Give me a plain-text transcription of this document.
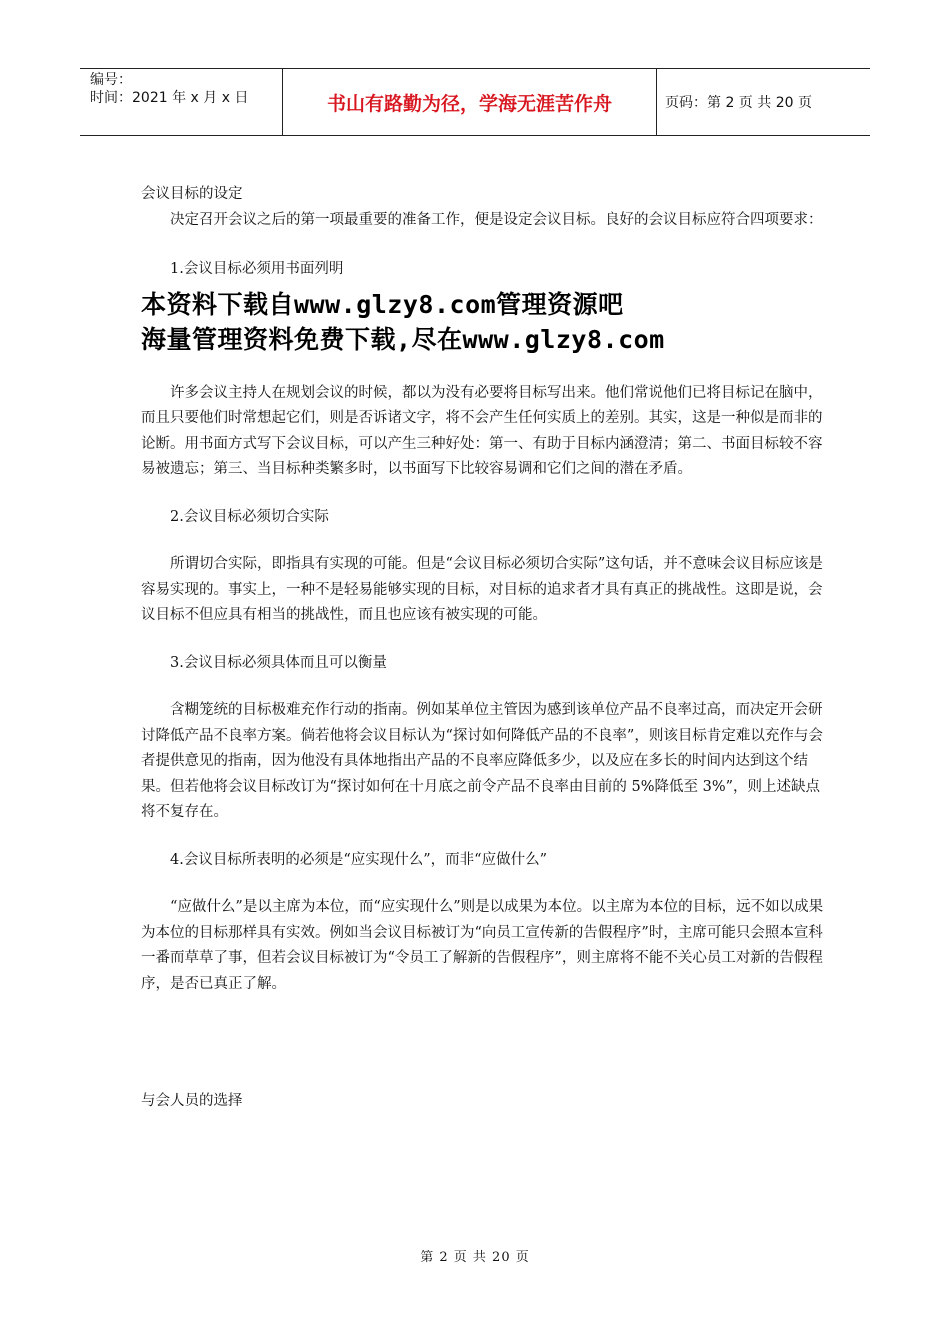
编号：
时间：2021 年 x 月 x 日	书山有路勤为径，学海无涯苦作舟	页码：第 2 页 共 20 页

会议目标的设定

决定召开会议之后的第一项最重要的准备工作，便是设定会议目标。良好的会议目标应符合四项要求：

1.会议目标必须用书面列明

本资料下载自www.glzy8.com管理资源吧

海量管理资料免费下载,尽在www.glzy8.com

许多会议主持人在规划会议的时候，都以为没有必要将目标写出来。他们常说他们已将目标记在脑中，而且只要他们时常想起它们，则是否诉诸文字，将不会产生任何实质上的差别。其实，这是一种似是而非的论断。用书面方式写下会议目标，可以产生三种好处：第一、有助于目标内涵澄清；第二、书面目标较不容易被遗忘；第三、当目标种类繁多时，以书面写下比较容易调和它们之间的潜在矛盾。

2.会议目标必须切合实际

所谓切合实际，即指具有实现的可能。但是“会议目标必须切合实际”这句话，并不意味会议目标应该是容易实现的。事实上，一种不是轻易能够实现的目标，对目标的追求者才具有真正的挑战性。这即是说，会议目标不但应具有相当的挑战性，而且也应该有被实现的可能。

3.会议目标必须具体而且可以衡量

含糊笼统的目标极难充作行动的指南。例如某单位主管因为感到该单位产品不良率过高，而决定开会研讨降低产品不良率方案。倘若他将会议目标认为“探讨如何降低产品的不良率”，则该目标肯定难以充作与会者提供意见的指南，因为他没有具体地指出产品的不良率应降低多少，以及应在多长的时间内达到这个结果。但若他将会议目标改订为“探讨如何在十月底之前令产品不良率由目前的 5%降低至 3%”，则上述缺点将不复存在。

4.会议目标所表明的必须是“应实现什么”，而非“应做什么”

“应做什么”是以主席为本位，而“应实现什么”则是以成果为本位。以主席为本位的目标，远不如以成果为本位的目标那样具有实效。例如当会议目标被订为“向员工宣传新的告假程序”时，主席可能只会照本宣科一番而草草了事，但若会议目标被订为“令员工了解新的告假程序”，则主席将不能不关心员工对新的告假程序，是否已真正了解。

与会人员的选择

第 2 页 共 20 页
